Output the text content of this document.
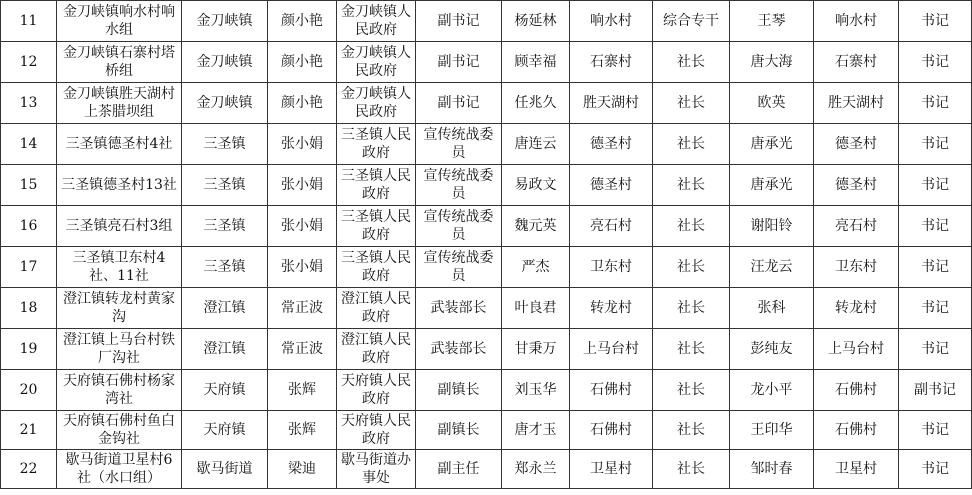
11	金刀峡镇响水村响水组	金刀峡镇	颜小艳	金刀峡镇人民政府	副书记	杨延林	响水村	综合专干	王琴	响水村	书记
12	金刀峡镇石寨村塔桥组	金刀峡镇	颜小艳	金刀峡镇人民政府	副书记	顾幸福	石寨村	社长	唐大海	石寨村	书记
13	金刀峡镇胜天湖村上茶腊坝组	金刀峡镇	颜小艳	金刀峡镇人民政府	副书记	任兆久	胜天湖村	社长	欧英	胜天湖村	书记
14	三圣镇德圣村4社	三圣镇	张小娟	三圣镇人民政府	宣传统战委员	唐连云	德圣村	社长	唐承光	德圣村	书记
15	三圣镇德圣村13社	三圣镇	张小娟	三圣镇人民政府	宣传统战委员	易政文	德圣村	社长	唐承光	德圣村	书记
16	三圣镇亮石村3组	三圣镇	张小娟	三圣镇人民政府	宣传统战委员	魏元英	亮石村	社长	谢阳铃	亮石村	书记
17	三圣镇卫东村4社、11社	三圣镇	张小娟	三圣镇人民政府	宣传统战委员	严杰	卫东村	社长	汪龙云	卫东村	书记
18	澄江镇转龙村黄家沟	澄江镇	常正波	澄江镇人民政府	武装部长	叶良君	转龙村	社长	张科	转龙村	书记
19	澄江镇上马台村铁厂沟社	澄江镇	常正波	澄江镇人民政府	武装部长	甘秉万	上马台村	社长	彭纯友	上马台村	书记
20	天府镇石佛村杨家湾社	天府镇	张辉	天府镇人民政府	副镇长	刘玉华	石佛村	社长	龙小平	石佛村	副书记
21	天府镇石佛村鱼白金钩社	天府镇	张辉	天府镇人民政府	副镇长	唐才玉	石佛村	社长	王印华	石佛村	书记
22	歇马街道卫星村6社（水口组）	歇马街道	梁迪	歇马街道办事处	副主任	郑永兰	卫星村	社长	邹时春	卫星村	书记
